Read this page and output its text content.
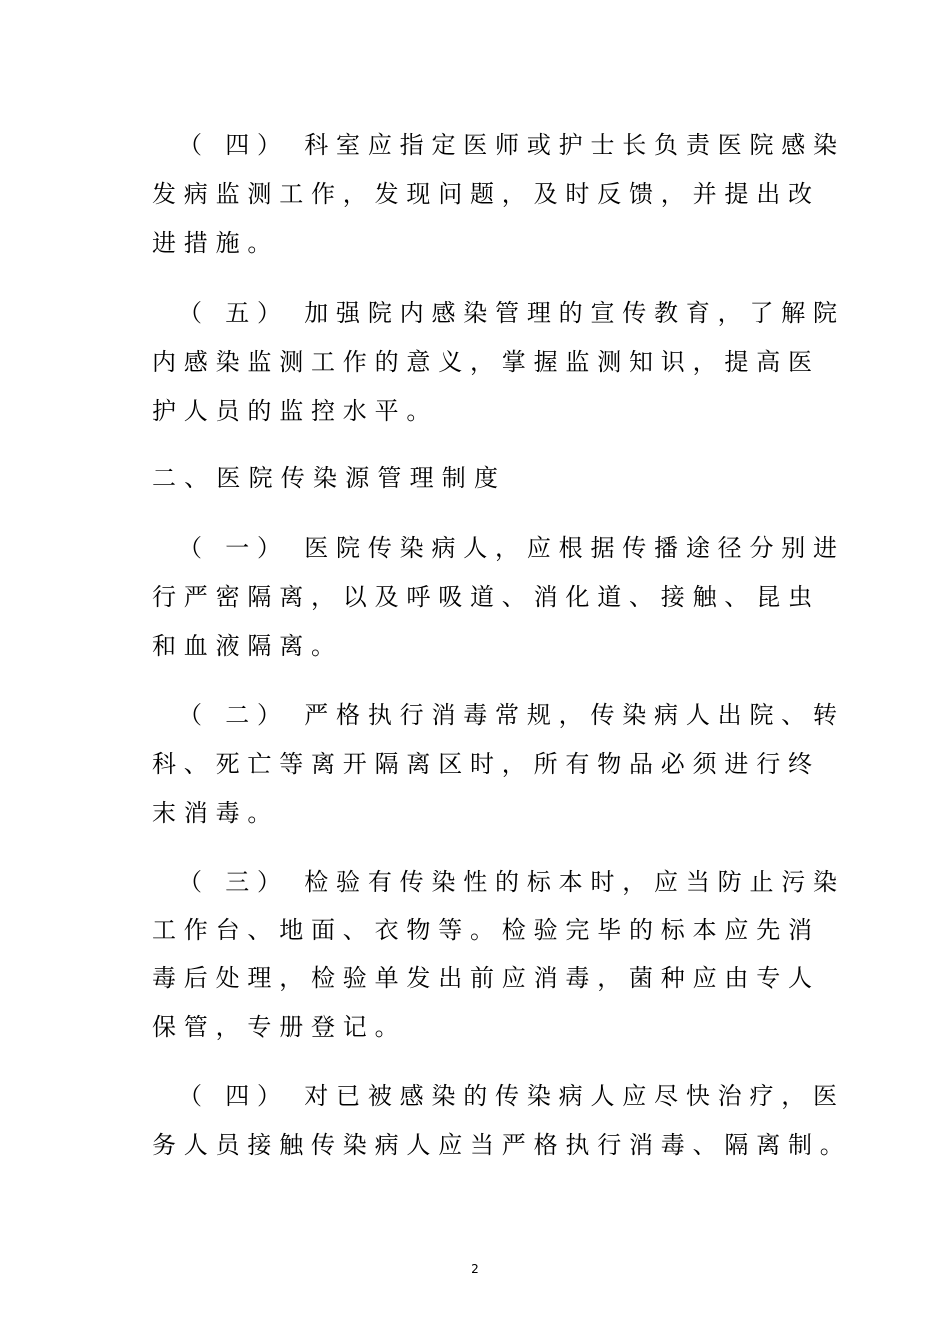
（ 四） 科室应指定医师或护士长负责医院感染
发病监测工作，发现问题，及时反馈，并提出改
进措施。
（ 五） 加强院内感染管理的宣传教育，了解院
内感染监测工作的意义，掌握监测知识，提高医
护人员的监控水平。
二、医院传染源管理制度
（ 一） 医院传染病人，应根据传播途径分别进
行严密隔离，以及呼吸道、消化道、接触、昆虫
和血液隔离。
（ 二） 严格执行消毒常规，传染病人出院、转
科、死亡等离开隔离区时，所有物品必须进行终
末消毒。
（ 三） 检验有传染性的标本时，应当防止污染
工作台、地面、衣物等。检验完毕的标本应先消
毒后处理，检验单发出前应消毒，菌种应由专人
保管，专册登记。
（ 四） 对已被感染的传染病人应尽快治疗，医
务人员接触传染病人应当严格执行消毒、隔离制。
2
